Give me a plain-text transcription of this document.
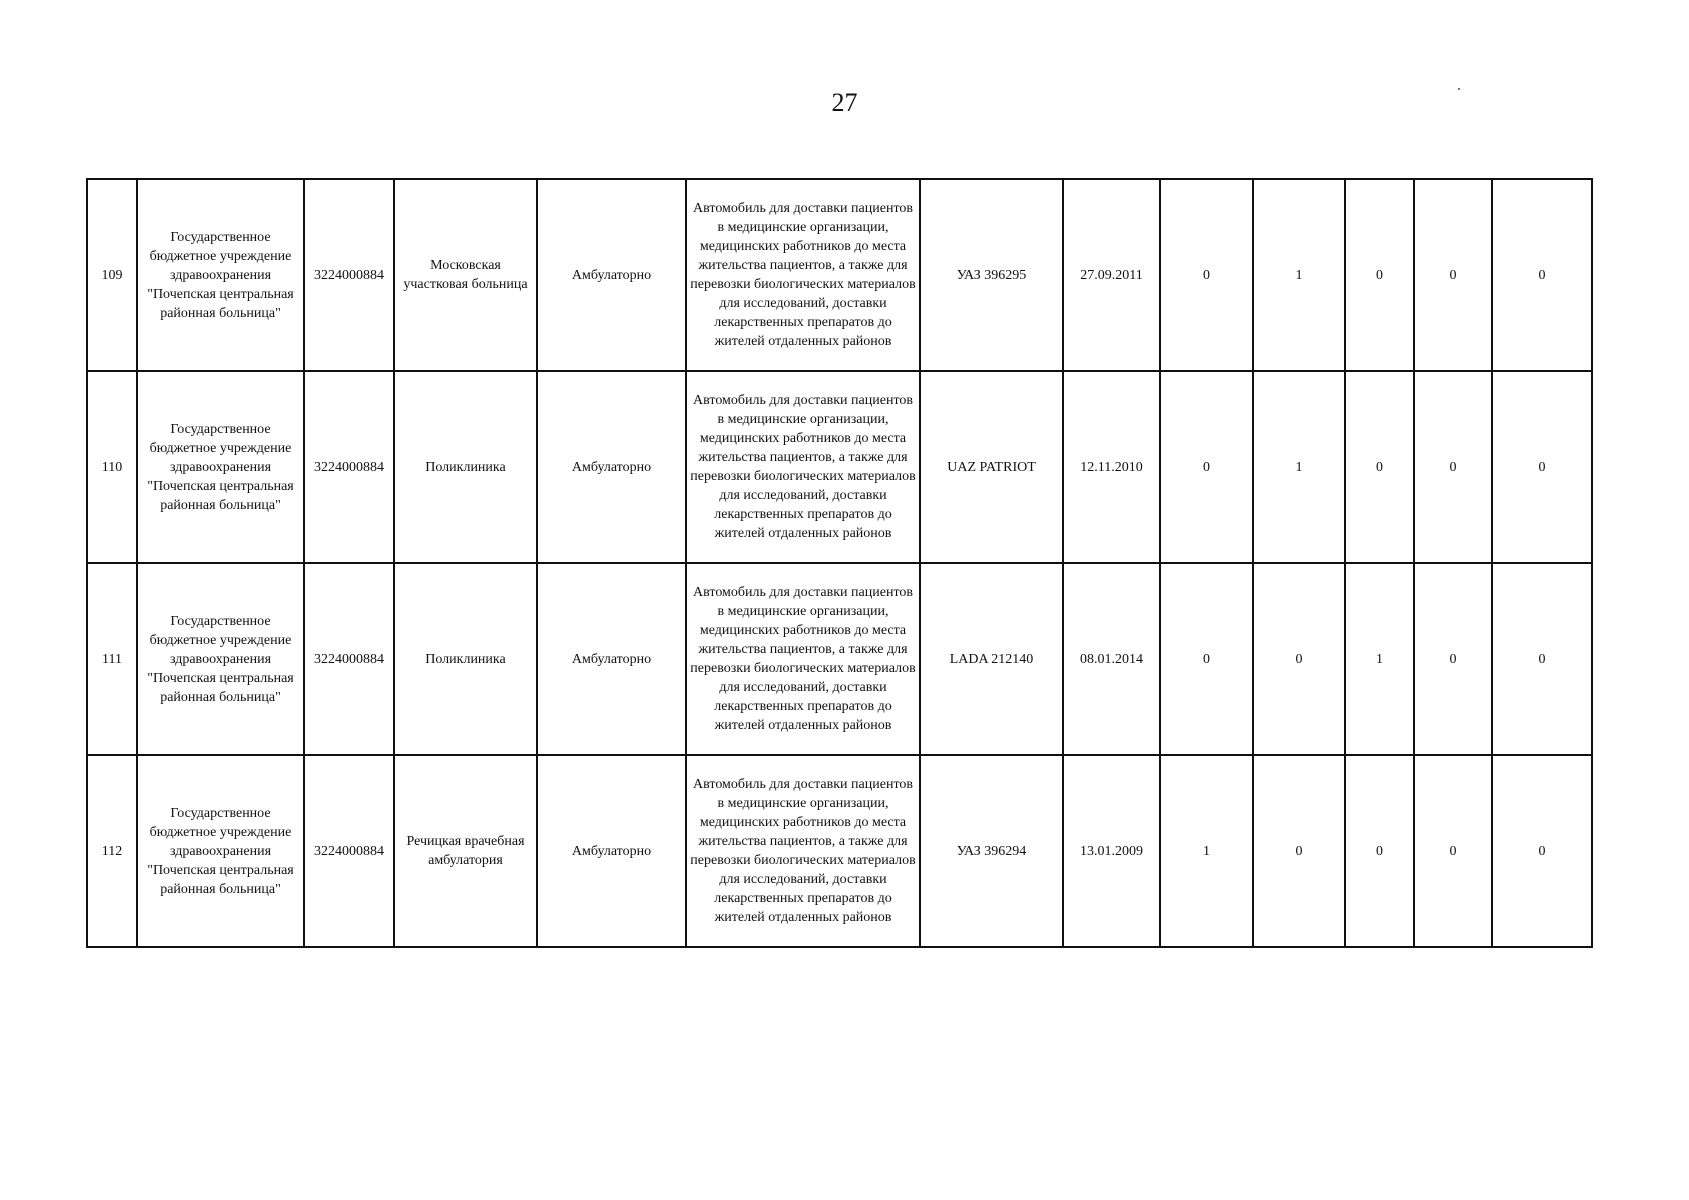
27
109	Государственное бюджетное учреждение здравоохранения "Почепская центральная районная больница"	3224000884	Московская участковая больница	Амбулаторно	Автомобиль для доставки пациентов в медицинские организации, медицинских работников до места жительства пациентов, а также для перевозки биологических материалов для исследований, доставки лекарственных препаратов до жителей отдаленных районов	УАЗ 396295	27.09.2011	0	1	0	0	0
110	Государственное бюджетное учреждение здравоохранения "Почепская центральная районная больница"	3224000884	Поликлиника	Амбулаторно	Автомобиль для доставки пациентов в медицинские организации, медицинских работников до места жительства пациентов, а также для перевозки биологических материалов для исследований, доставки лекарственных препаратов до жителей отдаленных районов	UAZ PATRIOT	12.11.2010	0	1	0	0	0
111	Государственное бюджетное учреждение здравоохранения "Почепская центральная районная больница"	3224000884	Поликлиника	Амбулаторно	Автомобиль для доставки пациентов в медицинские организации, медицинских работников до места жительства пациентов, а также для перевозки биологических материалов для исследований, доставки лекарственных препаратов до жителей отдаленных районов	LADA 212140	08.01.2014	0	0	1	0	0
112	Государственное бюджетное учреждение здравоохранения "Почепская центральная районная больница"	3224000884	Речицкая врачебная амбулатория	Амбулаторно	Автомобиль для доставки пациентов в медицинские организации, медицинских работников до места жительства пациентов, а также для перевозки биологических материалов для исследований, доставки лекарственных препаратов до жителей отдаленных районов	УАЗ 396294	13.01.2009	1	0	0	0	0
